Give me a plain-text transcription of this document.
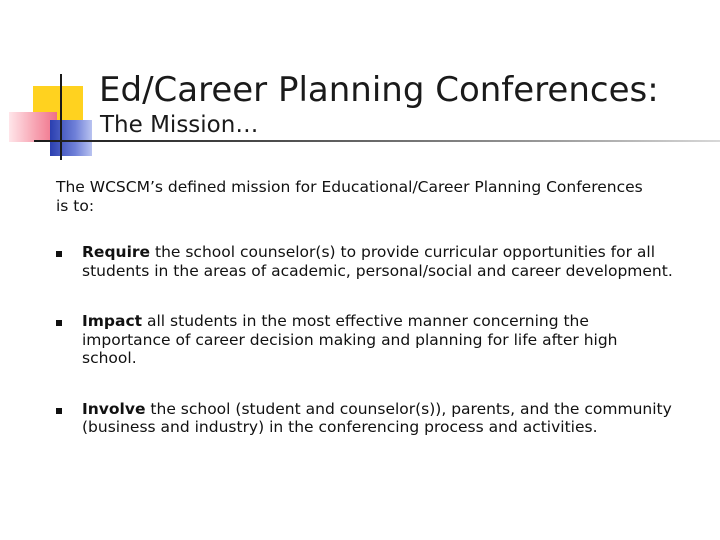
Ed/Career Planning Conferences:
The Mission…
The WCSCM’s defined mission for Educational/Career Planning Conferences is to:
Require the school counselor(s) to provide curricular opportunities for all students in the areas of academic, personal/social and career development.
Impact all students in the most effective manner concerning the importance of career decision making and planning for life after high school.
Involve the school (student and counselor(s)), parents, and the community (business and industry) in the conferencing process and activities.
